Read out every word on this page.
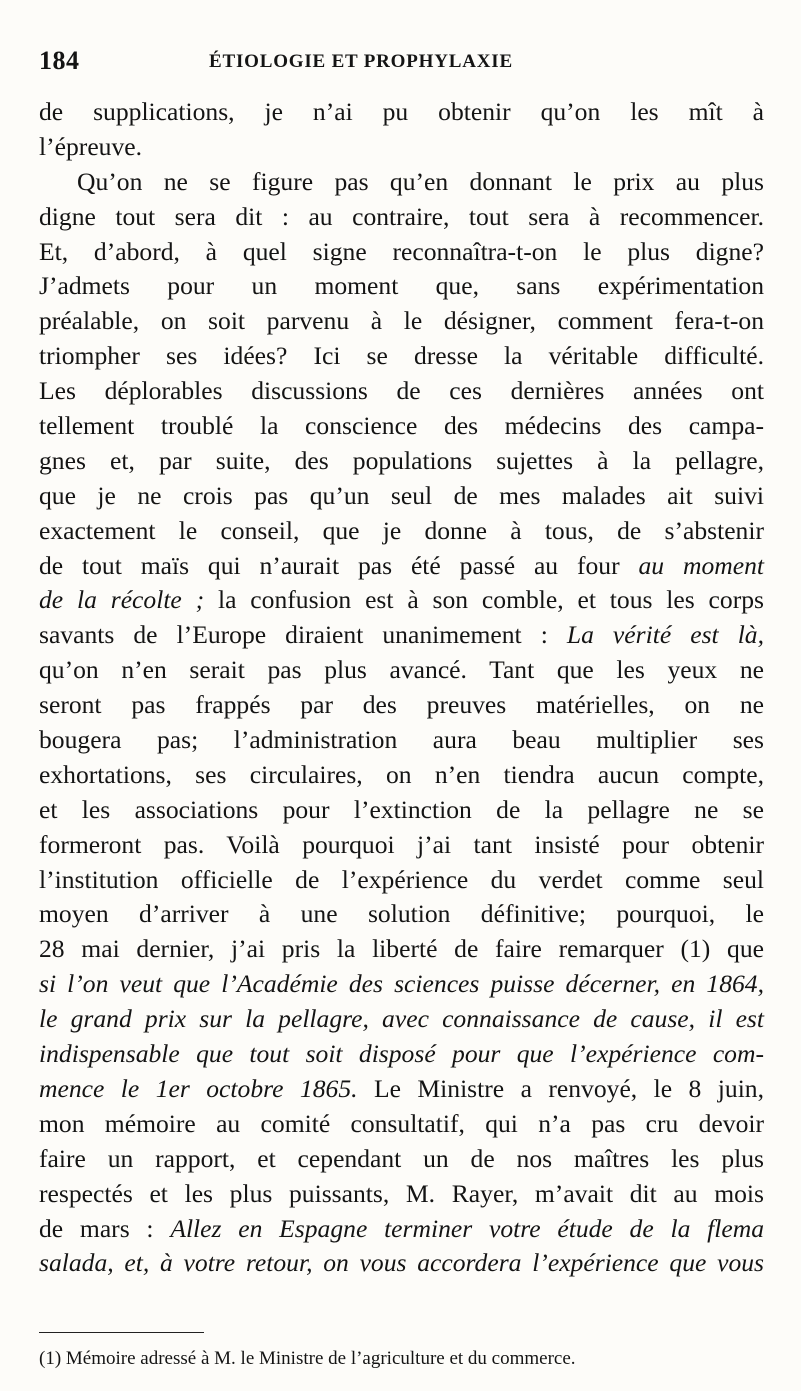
184	ÉTIOLOGIE ET PROPHYLAXIE
de supplications, je n’ai pu obtenir qu’on les mît à
l’épreuve.
Qu’on ne se figure pas qu’en donnant le prix au plus
digne tout sera dit : au contraire, tout sera à recommencer.
Et, d’abord, à quel signe reconnaîtra-t-on le plus digne?
J’admets pour un moment que, sans expérimentation
préalable, on soit parvenu à le désigner, comment fera-t-on
triompher ses idées? Ici se dresse la véritable difficulté.
Les déplorables discussions de ces dernières années ont
tellement troublé la conscience des médecins des campa-
gnes et, par suite, des populations sujettes à la pellagre,
que je ne crois pas qu’un seul de mes malades ait suivi
exactement le conseil, que je donne à tous, de s’abstenir
de tout maïs qui n’aurait pas été passé au four au moment
de la récolte ; la confusion est à son comble, et tous les corps
savants de l’Europe diraient unanimement : La vérité est là,
qu’on n’en serait pas plus avancé. Tant que les yeux ne
seront pas frappés par des preuves matérielles, on ne
bougera pas; l’administration aura beau multiplier ses
exhortations, ses circulaires, on n’en tiendra aucun compte,
et les associations pour l’extinction de la pellagre ne se
formeront pas. Voilà pourquoi j’ai tant insisté pour obtenir
l’institution officielle de l’expérience du verdet comme seul
moyen d’arriver à une solution définitive; pourquoi, le
28 mai dernier, j’ai pris la liberté de faire remarquer (1) que
si l’on veut que l’Académie des sciences puisse décerner, en 1864,
le grand prix sur la pellagre, avec connaissance de cause, il est
indispensable que tout soit disposé pour que l’expérience com-
mence le 1er octobre 1865. Le Ministre a renvoyé, le 8 juin,
mon mémoire au comité consultatif, qui n’a pas cru devoir
faire un rapport, et cependant un de nos maîtres les plus
respectés et les plus puissants, M. Rayer, m’avait dit au mois
de mars : Allez en Espagne terminer votre étude de la flema
salada, et, à votre retour, on vous accordera l’expérience que vous
(1) Mémoire adressé à M. le Ministre de l’agriculture et du commerce.
